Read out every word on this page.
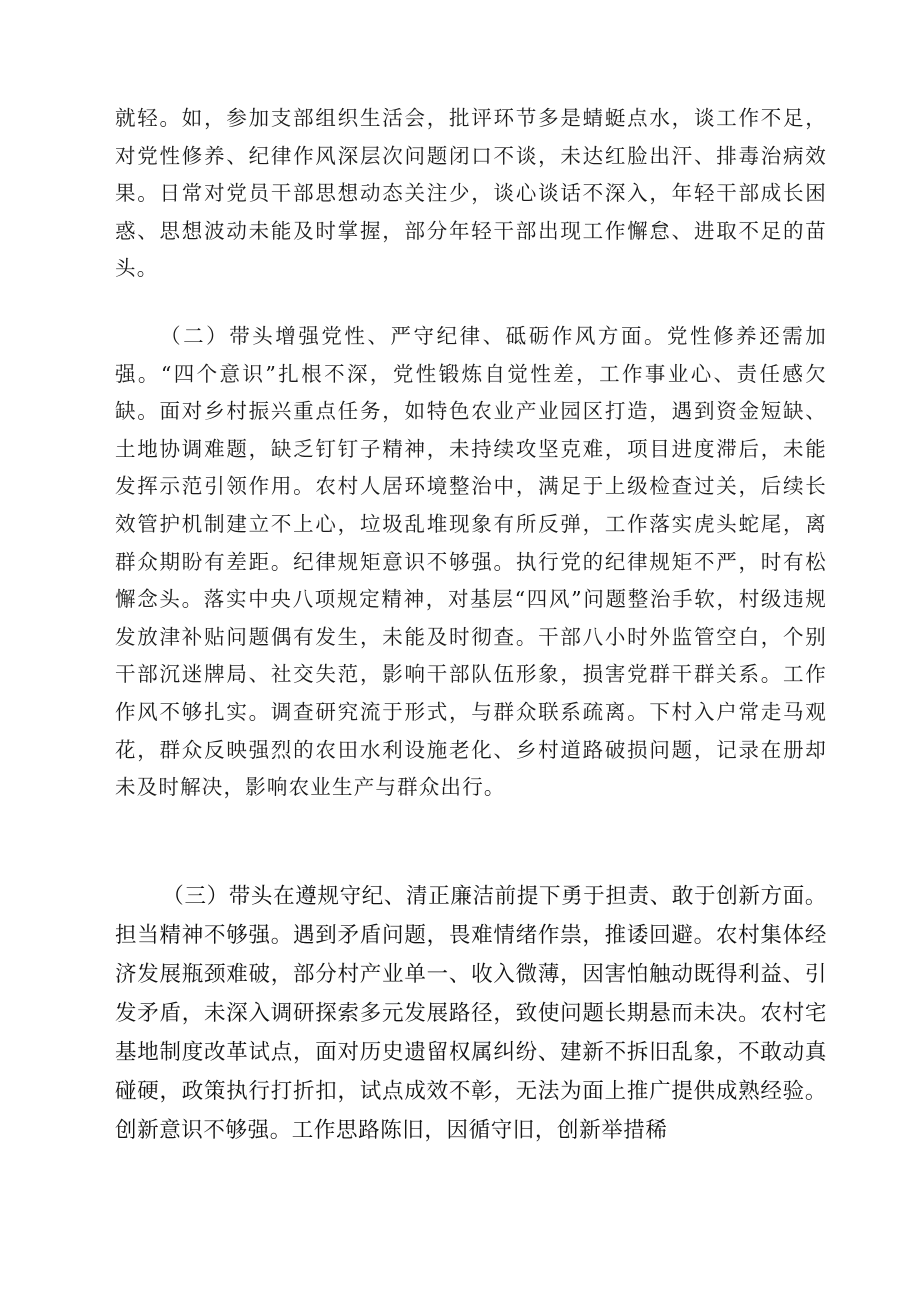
就轻。如，参加支部组织生活会，批评环节多是蜻蜓点水，谈工作不足，对党性修养、纪律作风深层次问题闭口不谈，未达红脸出汗、排毒治病效果。日常对党员干部思想动态关注少，谈心谈话不深入，年轻干部成长困惑、思想波动未能及时掌握，部分年轻干部出现工作懈怠、进取不足的苗头。

（二）带头增强党性、严守纪律、砥砺作风方面。党性修养还需加强。“四个意识”扎根不深，党性锻炼自觉性差，工作事业心、责任感欠缺。面对乡村振兴重点任务，如特色农业产业园区打造，遇到资金短缺、土地协调难题，缺乏钉钉子精神，未持续攻坚克难，项目进度滞后，未能发挥示范引领作用。农村人居环境整治中，满足于上级检查过关，后续长效管护机制建立不上心，垃圾乱堆现象有所反弹，工作落实虎头蛇尾，离群众期盼有差距。纪律规矩意识不够强。执行党的纪律规矩不严，时有松懈念头。落实中央八项规定精神，对基层“四风”问题整治手软，村级违规发放津补贴问题偶有发生，未能及时彻查。干部八小时外监管空白，个别干部沉迷牌局、社交失范，影响干部队伍形象，损害党群干群关系。工作作风不够扎实。调查研究流于形式，与群众联系疏离。下村入户常走马观花，群众反映强烈的农田水利设施老化、乡村道路破损问题，记录在册却未及时解决，影响农业生产与群众出行。

（三）带头在遵规守纪、清正廉洁前提下勇于担责、敢于创新方面。担当精神不够强。遇到矛盾问题，畏难情绪作祟，推诿回避。农村集体经济发展瓶颈难破，部分村产业单一、收入微薄，因害怕触动既得利益、引发矛盾，未深入调研探索多元发展路径，致使问题长期悬而未决。农村宅基地制度改革试点，面对历史遗留权属纠纷、建新不拆旧乱象，不敢动真碰硬，政策执行打折扣，试点成效不彰，无法为面上推广提供成熟经验。创新意识不够强。工作思路陈旧，因循守旧，创新举措稀
